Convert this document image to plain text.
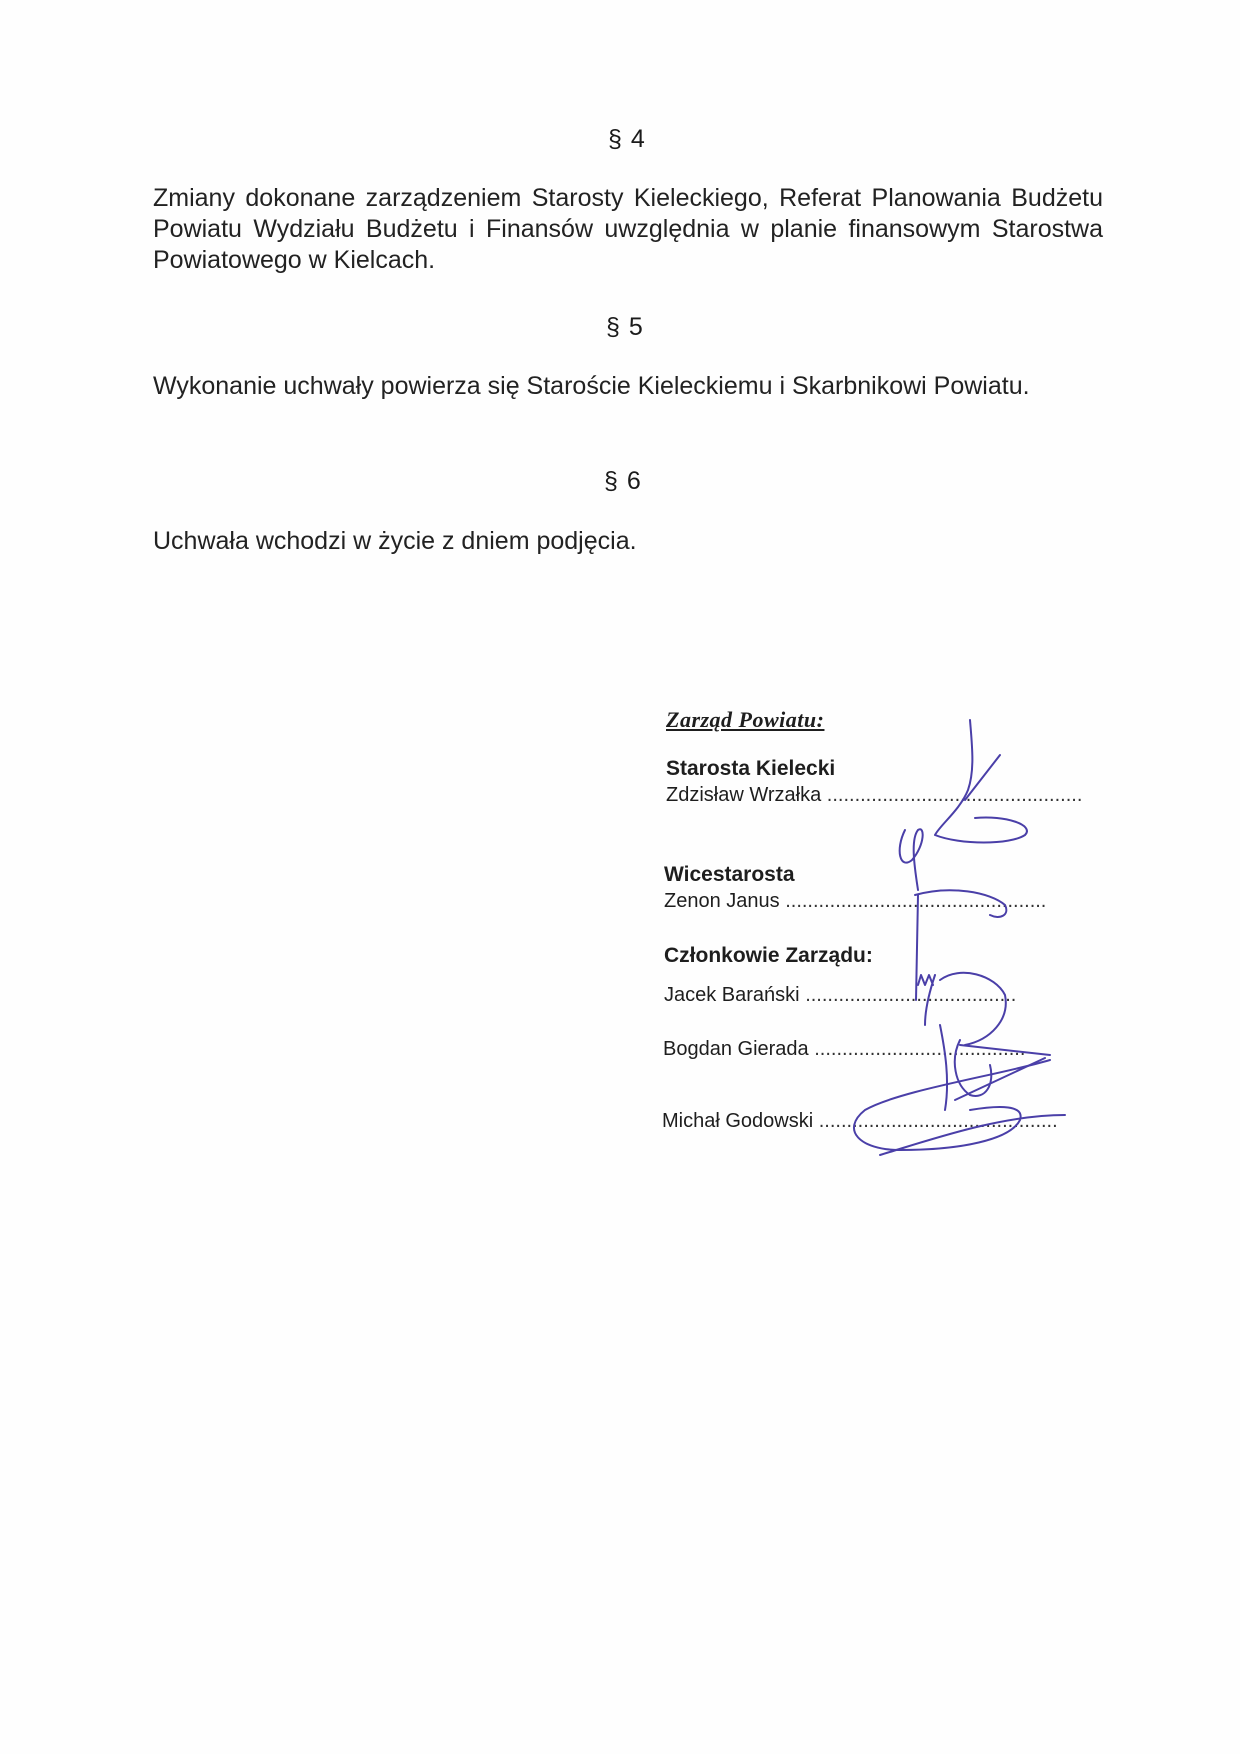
§ 4
Zmiany dokonane zarządzeniem Starosty Kieleckiego, Referat Planowania Budżetu Powiatu Wydziału Budżetu i Finansów uwzględnia w planie finansowym Starostwa Powiatowego w Kielcach.
§ 5
Wykonanie uchwały powierza się Staroście Kieleckiemu i Skarbnikowi Powiatu.
§ 6
Uchwała wchodzi w życie z dniem podjęcia.
Zarząd Powiatu:
Starosta Kielecki
Zdzisław Wrzałka ..............................................
Wicestarosta
Zenon Janus ...............................................
Członkowie Zarządu:
Jacek Barański ......................................
Bogdan Gierada ......................................
Michał Godowski ...........................................
